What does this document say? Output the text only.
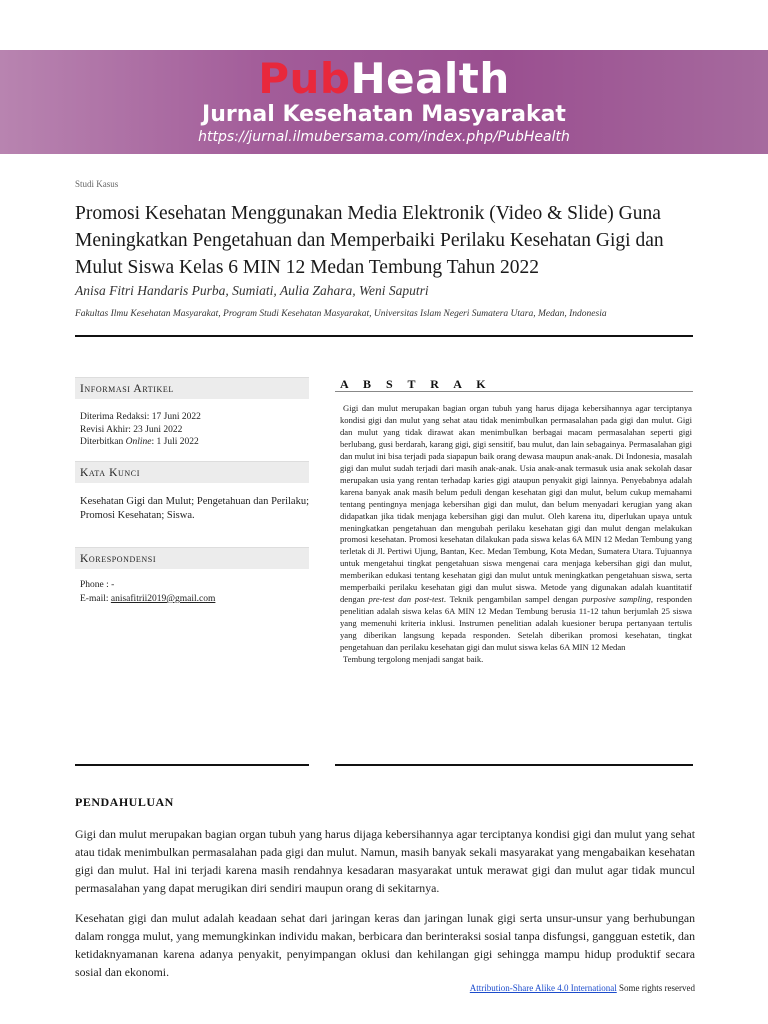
PubHealth
Jurnal Kesehatan Masyarakat
https://jurnal.ilmubersama.com/index.php/PubHealth
Studi Kasus
Promosi Kesehatan Menggunakan Media Elektronik (Video & Slide) Guna Meningkatkan Pengetahuan dan Memperbaiki Perilaku Kesehatan Gigi dan Mulut Siswa Kelas 6 MIN 12 Medan Tembung Tahun 2022
Anisa Fitri Handaris Purba, Sumiati, Aulia Zahara, Weni Saputri
Fakultas Ilmu Kesehatan Masyarakat, Program Studi Kesehatan Masyarakat, Universitas Islam Negeri Sumatera Utara, Medan, Indonesia
Informasi Artikel
Diterima Redaksi: 17 Juni 2022
Revisi Akhir: 23 Juni 2022
Diterbitkan Online: 1 Juli 2022
Kata Kunci
Kesehatan Gigi dan Mulut; Pengetahuan dan Perilaku; Promosi Kesehatan; Siswa.
Korespondensi
Phone : -
E-mail: anisafitrii2019@gmail.com
A B S T R A K

Gigi dan mulut merupakan bagian organ tubuh yang harus dijaga kebersihannya agar terciptanya kondisi gigi dan mulut yang sehat atau tidak menimbulkan permasalahan pada gigi dan mulut. Gigi dan mulut yang tidak dirawat akan menimbulkan berbagai macam permasalahan seperti gigi berlubang, gusi berdarah, karang gigi, gigi sensitif, bau mulut, dan lain sebagainya. Permasalahan gigi dan mulut ini bisa terjadi pada siapapun baik orang dewasa maupun anak-anak. Di Indonesia, masalah gigi dan mulut sudah terjadi dari masih anak-anak. Usia anak-anak termasuk usia anak sekolah dasar merupakan usia yang rentan terhadap karies gigi ataupun penyakit gigi lainnya. Penyebabnya adalah karena banyak anak masih belum peduli dengan kesehatan gigi dan mulut, belum cukup memahami tentang pentingnya menjaga kebersihan gigi dan mulut, dan belum menyadari kerugian yang akan didapatkan jika tidak menjaga kebersihan gigi dan mulut. Oleh karena itu, diperlukan upaya untuk meningkatkan pengetahuan dan mengubah perilaku kesehatan gigi dan mulut dengan melakukan promosi kesehatan. Promosi kesehatan dilakukan pada siswa kelas 6A MIN 12 Medan Tembung yang terletak di Jl. Pertiwi Ujung, Bantan, Kec. Medan Tembung, Kota Medan, Sumatera Utara. Tujuannya untuk mengetahui tingkat pengetahuan siswa mengenai cara menjaga kebersihan gigi dan mulut, memberikan edukasi tentang kesehatan gigi dan mulut untuk meningkatkan pengetahuan siswa, serta memperbaiki perilaku kesehatan gigi dan mulut siswa. Metode yang digunakan adalah kuantitatif dengan pre-test dan post-test. Teknik pengambilan sampel dengan purposive sampling, responden penelitian adalah siswa kelas 6A MIN 12 Medan Tembung berusia 11-12 tahun berjumlah 25 siswa yang memenuhi kriteria inklusi. Instrumen penelitian adalah kuesioner berupa pertanyaan tertulis yang diberikan langsung kepada responden. Setelah diberikan promosi kesehatan, tingkat pengetahuan dan perilaku kesehatan gigi dan mulut siswa kelas 6A MIN 12 Medan

Tembung tergolong menjadi sangat baik.

PENDAHULUAN

Gigi dan mulut merupakan bagian organ tubuh yang harus dijaga kebersihannya agar terciptanya kondisi gigi dan mulut yang sehat atau tidak menimbulkan permasalahan pada gigi dan mulut. Namun, masih banyak sekali masyarakat yang mengabaikan kesehatan gigi dan mulut. Hal ini terjadi karena masih rendahnya kesadaran masyarakat untuk merawat gigi dan mulut agar tidak muncul permasalahan yang dapat merugikan diri sendiri maupun orang di sekitarnya.

Kesehatan gigi dan mulut adalah keadaan sehat dari jaringan keras dan jaringan lunak gigi serta unsur-unsur yang berhubungan dalam rongga mulut, yang memungkinkan individu makan, berbicara dan berinteraksi sosial tanpa disfungsi, gangguan estetik, dan ketidaknyamanan karena adanya penyakit, penyimpangan oklusi dan kehilangan gigi sehingga mampu hidup produktif secara sosial dan ekonomi.

Attribution-Share Alike 4.0 International Some rights reserved
